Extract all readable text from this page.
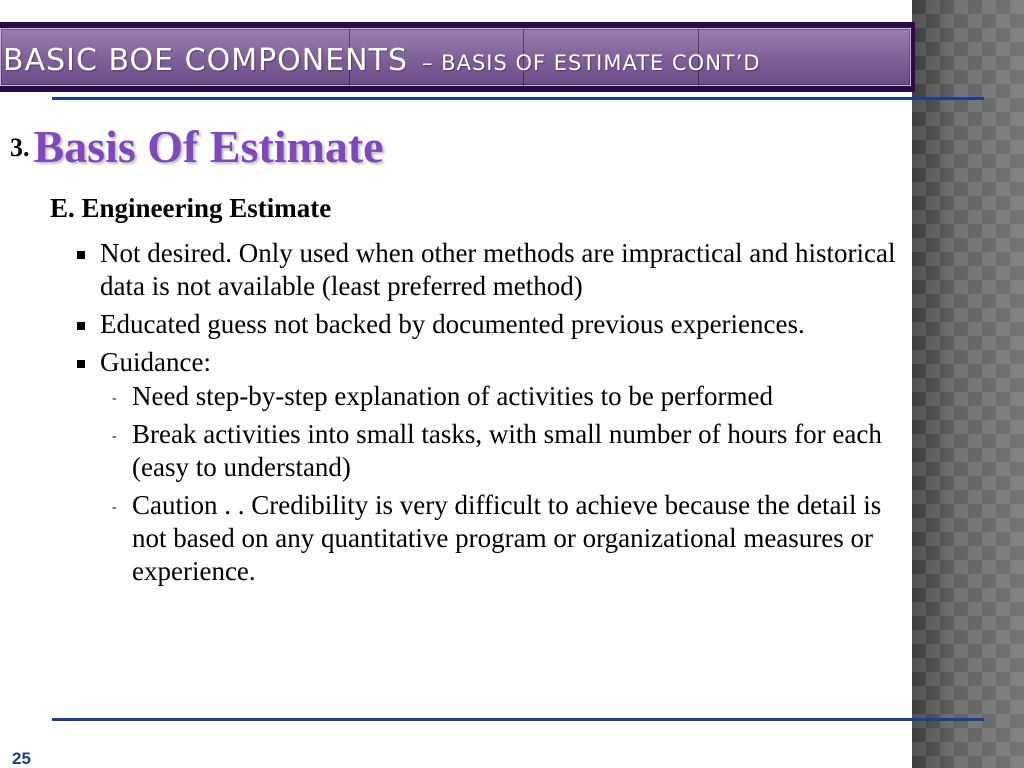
BASIC BOE COMPONENTS – BASIS OF ESTIMATE CONT’D
3.Basis Of Estimate
E. Engineering Estimate
Not desired. Only used when other methods are impractical and historical data is not available (least preferred method)
Educated guess not backed by documented previous experiences.
Guidance:
- Need step-by-step explanation of activities to be performed
- Break activities into small tasks, with small number of hours for each (easy to understand)
- Caution . . Credibility is very difficult to achieve because the detail is not based on any quantitative program or organizational measures or experience.
25
